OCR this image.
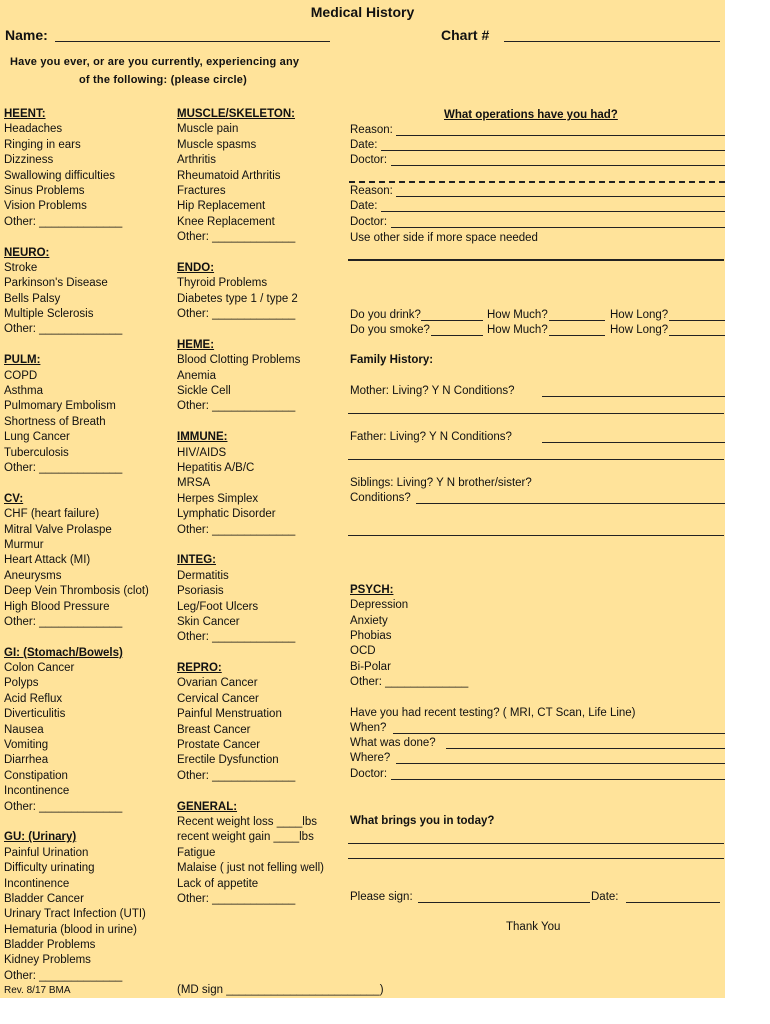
Medical History
Name:	Chart #
Have you ever, or are you currently, experiencing any
of the following: (please circle)
HEENT:
Headaches
Ringing in ears
Dizziness
Swallowing difficulties
Sinus Problems
Vision Problems
Other: _____________
NEURO:
Stroke
Parkinson's Disease
Bells Palsy
Multiple Sclerosis
Other: _____________
PULM:
COPD
Asthma
Pulmomary Embolism
Shortness of Breath
Lung Cancer
Tuberculosis
Other: _____________
CV:
CHF (heart failure)
Mitral Valve Prolaspe
Murmur
Heart Attack (MI)
Aneurysms
Deep Vein Thrombosis (clot)
High Blood Pressure
Other: _____________
GI: (Stomach/Bowels)
Colon Cancer
Polyps
Acid Reflux
Diverticulitis
Nausea
Vomiting
Diarrhea
Constipation
Incontinence
Other: _____________
GU: (Urinary)
Painful Urination
Difficulty urinating
Incontinence
Bladder Cancer
Urinary Tract Infection (UTI)
Hematuria (blood in urine)
Bladder Problems
Kidney Problems
Other: _____________
MUSCLE/SKELETON:
Muscle pain
Muscle spasms
Arthritis
Rheumatoid Arthritis
Fractures
Hip Replacement
Knee Replacement
Other: _____________
ENDO:
Thyroid Problems
Diabetes type 1 / type 2
Other: _____________
HEME:
Blood Clotting Problems
Anemia
Sickle Cell
Other: _____________
IMMUNE:
HIV/AIDS
Hepatitis A/B/C
MRSA
Herpes Simplex
Lymphatic Disorder
Other: _____________
INTEG:
Dermatitis
Psoriasis
Leg/Foot Ulcers
Skin Cancer
Other: _____________
REPRO:
Ovarian Cancer
Cervical Cancer
Painful Menstruation
Breast Cancer
Prostate Cancer
Erectile Dysfunction
Other: _____________
GENERAL:
Recent weight loss ____lbs
recent weight gain ____lbs
Fatigue
Malaise ( just not felling well)
Lack of appetite
Other: _____________
What operations have you had?
Reason:
Date:
Doctor:
Reason:
Date:
Doctor:
Use other side if more space needed
Do you drink?	How Much?	How Long?
Do you smoke?	How Much?	How Long?
Family History:
Mother: Living? Y N Conditions?
Father: Living? Y N Conditions?
Siblings: Living? Y N brother/sister?
Conditions?
PSYCH:
Depression
Anxiety
Phobias
OCD
Bi-Polar
Other: _____________
Have you had recent testing? ( MRI, CT Scan, Life Line)
When?
What was done?
Where?
Doctor:
What brings you in today?
Please sign:	Date:
Thank You
Rev. 8/17 BMA	(MD sign ________________________)
